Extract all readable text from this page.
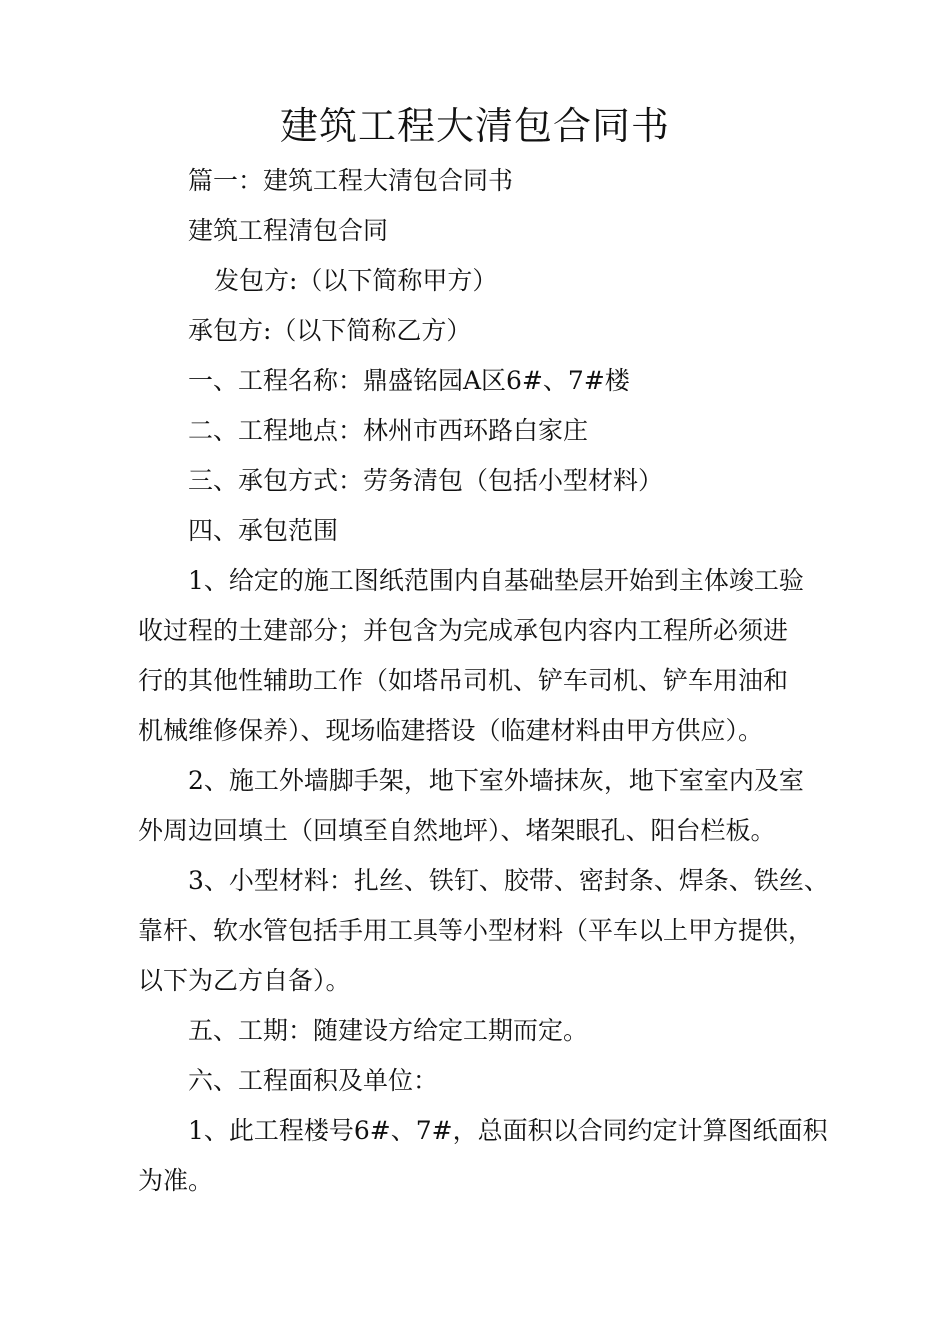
建筑工程大清包合同书
篇一：建筑工程大清包合同书
建筑工程清包合同
发包方:（以下简称甲方）
承包方:（以下简称乙方）
一、工程名称：鼎盛铭园A区6#、7#楼
二、工程地点：林州市西环路白家庄
三、承包方式：劳务清包（包括小型材料）
四、承包范围
1、给定的施工图纸范围内自基础垫层开始到主体竣工验
收过程的土建部分；并包含为完成承包内容内工程所必须进
行的其他性辅助工作（如塔吊司机、铲车司机、铲车用油和
机械维修保养）、现场临建搭设（临建材料由甲方供应）。
2、施工外墙脚手架，地下室外墙抹灰，地下室室内及室
外周边回填土（回填至自然地坪）、堵架眼孔、阳台栏板。
3、小型材料：扎丝、铁钉、胶带、密封条、焊条、铁丝、
靠杆、软水管包括手用工具等小型材料（平车以上甲方提供，
以下为乙方自备）。
五、工期：随建设方给定工期而定。
六、工程面积及单位：
1、此工程楼号6#、7#，总面积以合同约定计算图纸面积
为准。
